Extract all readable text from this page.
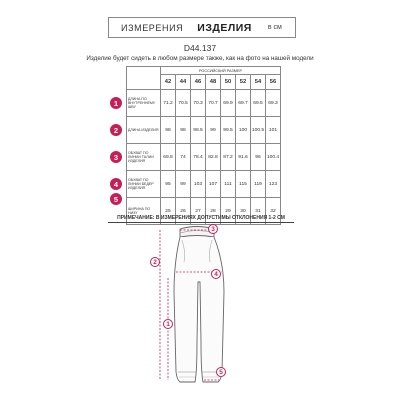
ИЗМЕРЕНИЯ ИЗДЕЛИЯ в см
D44.137
Изделие будет сидеть в любом размере также, как на фото на нашей модели
	РОССИЙСКИЙ РАЗМЕР							
	42	44	46	48	50	52	54	56
ДЛИНА ПО ВНУТРЕННЕМУ ШВУ	71.2	70.5	70.3	70.7	69.9	69.7	69.5	69.3
ДЛИНА ИЗДЕЛИЯ	98	98	98.5	99	99.5	100	100.5	101
ОБХВАТ ПО ЛИНИИ ТАЛИИ ИЗДЕЛИЯ	69.8	74	78.4	82.8	87.2	91.6	96	100.4
ОБХВАТ ПО ЛИНИИ БЕДЕР ИЗДЕЛИЯ	95	99	103	107	111	115	119	123
ШИРИНА ПО НИЗУ	25	26	27	28	29	30	31	32
1
2
3
4
5
ПРИМЕЧАНИЕ: В ИЗМЕРЕНИЯХ ДОПУСТИМЫ ОТКЛОНЕНИЯ 1-2 СМ
3
2
4
1
5
